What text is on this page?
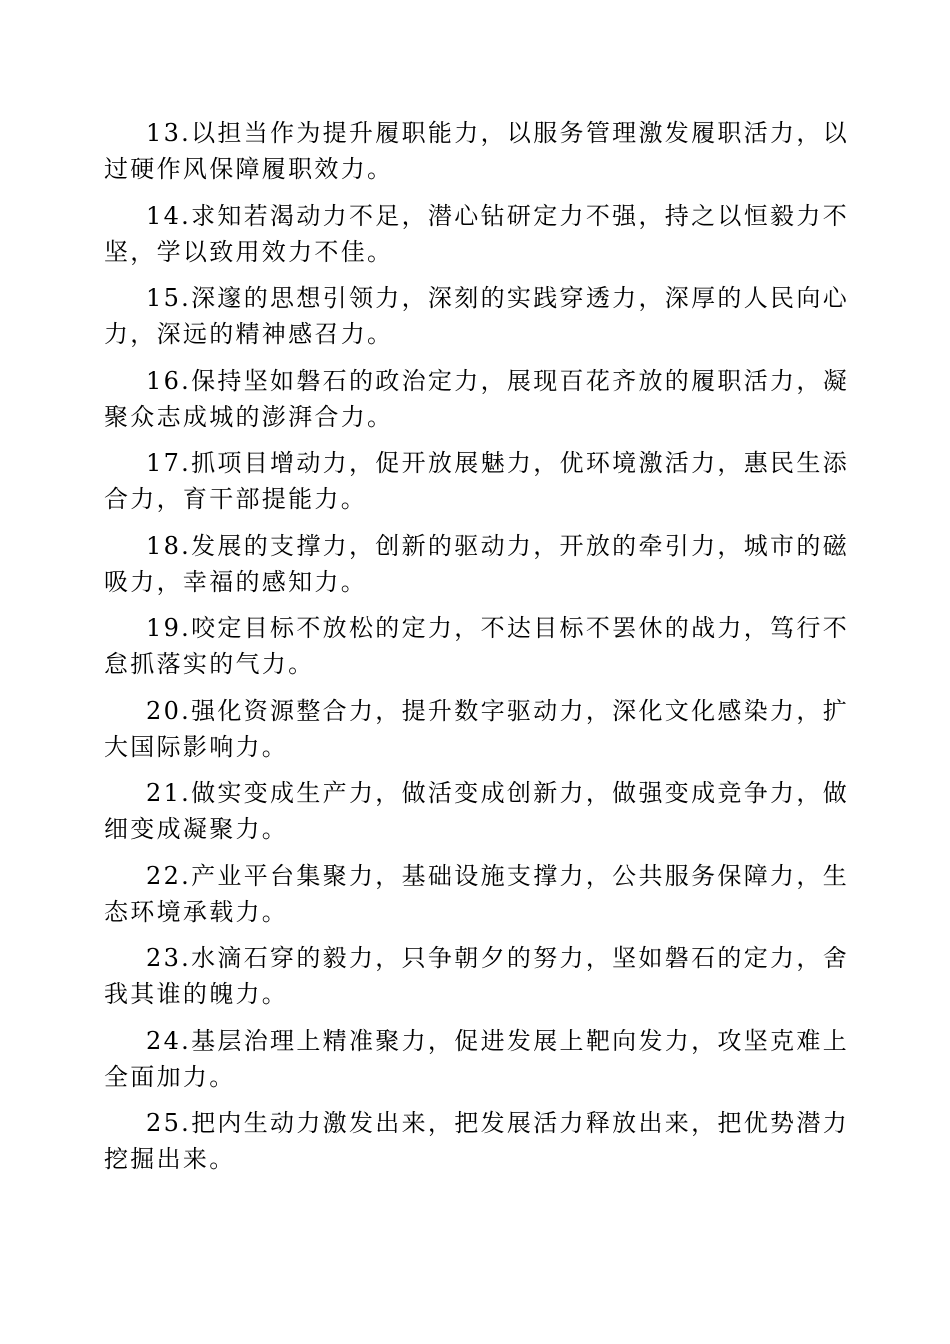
13.以担当作为提升履职能力，以服务管理激发履职活力，以过硬作风保障履职效力。

14.求知若渴动力不足，潜心钻研定力不强，持之以恒毅力不坚，学以致用效力不佳。

15.深邃的思想引领力，深刻的实践穿透力，深厚的人民向心力，深远的精神感召力。

16.保持坚如磐石的政治定力，展现百花齐放的履职活力，凝聚众志成城的澎湃合力。

17.抓项目增动力，促开放展魅力，优环境激活力，惠民生添合力，育干部提能力。

18.发展的支撑力，创新的驱动力，开放的牵引力，城市的磁吸力，幸福的感知力。

19.咬定目标不放松的定力，不达目标不罢休的战力，笃行不怠抓落实的气力。

20.强化资源整合力，提升数字驱动力，深化文化感染力，扩大国际影响力。

21.做实变成生产力，做活变成创新力，做强变成竞争力，做细变成凝聚力。

22.产业平台集聚力，基础设施支撑力，公共服务保障力，生态环境承载力。

23.水滴石穿的毅力，只争朝夕的努力，坚如磐石的定力，舍我其谁的魄力。

24.基层治理上精准聚力，促进发展上靶向发力，攻坚克难上全面加力。

25.把内生动力激发出来，把发展活力释放出来，把优势潜力挖掘出来。
